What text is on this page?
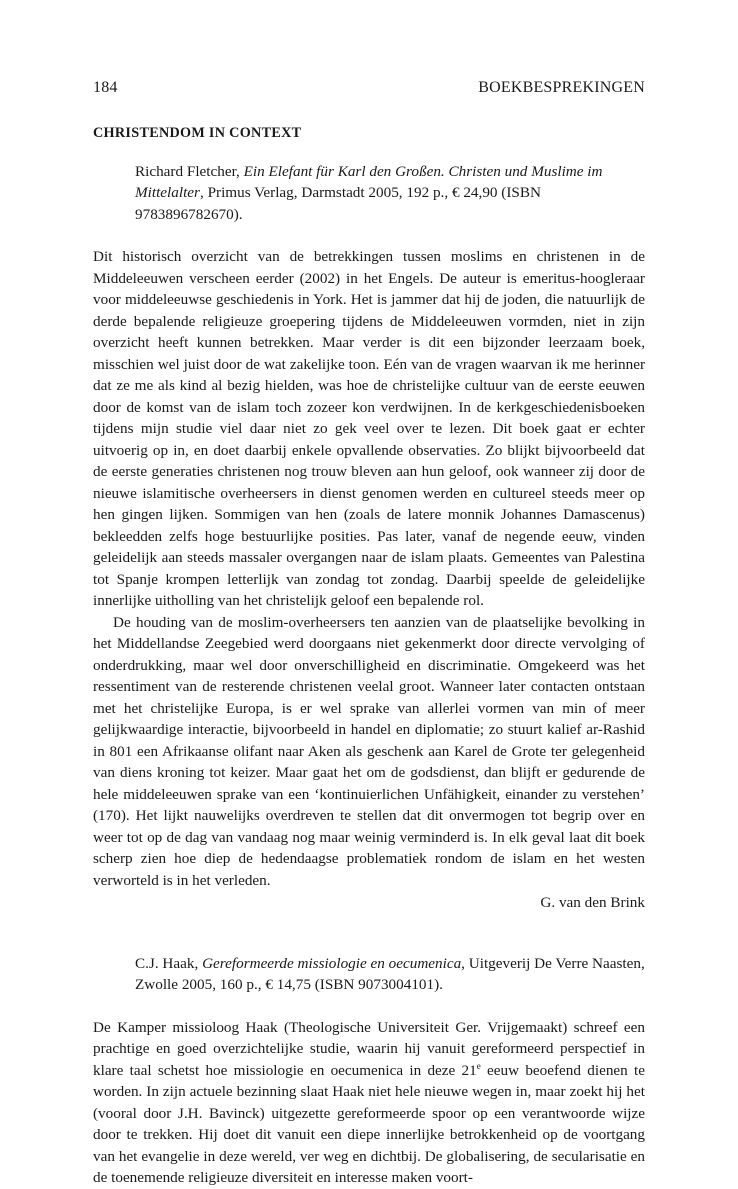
184	BOEKBESPREKINGEN
CHRISTENDOM IN CONTEXT
Richard Fletcher, Ein Elefant für Karl den Großen. Christen und Muslime im Mittelalter, Primus Verlag, Darmstadt 2005, 192 p., € 24,90 (ISBN 9783896782670).

Dit historisch overzicht van de betrekkingen tussen moslims en christenen in de Middeleeuwen verscheen eerder (2002) in het Engels. De auteur is emeritus-hoogleraar voor middeleeuwse geschiedenis in York. Het is jammer dat hij de joden, die natuurlijk de derde bepalende religieuze groepering tijdens de Middeleeuwen vormden, niet in zijn overzicht heeft kunnen betrekken. Maar verder is dit een bijzonder leerzaam boek, misschien wel juist door de wat zakelijke toon. Eén van de vragen waarvan ik me herinner dat ze me als kind al bezig hielden, was hoe de christelijke cultuur van de eerste eeuwen door de komst van de islam toch zozeer kon verdwijnen. In de kerkgeschiedenisboeken tijdens mijn studie viel daar niet zo gek veel over te lezen. Dit boek gaat er echter uitvoerig op in, en doet daarbij enkele opvallende observaties. Zo blijkt bijvoorbeeld dat de eerste generaties christenen nog trouw bleven aan hun geloof, ook wanneer zij door de nieuwe islamitische overheersers in dienst genomen werden en cultureel steeds meer op hen gingen lijken. Sommigen van hen (zoals de latere monnik Johannes Damascenus) bekleedden zelfs hoge bestuurlijke posities. Pas later, vanaf de negende eeuw, vinden geleidelijk aan steeds massaler overgangen naar de islam plaats. Gemeentes van Palestina tot Spanje krompen letterlijk van zondag tot zondag. Daarbij speelde de geleidelijke innerlijke uitholling van het christelijk geloof een bepalende rol.

De houding van de moslim-overheersers ten aanzien van de plaatselijke bevolking in het Middellandse Zeegebied werd doorgaans niet gekenmerkt door directe vervolging of onderdrukking, maar wel door onverschilligheid en discriminatie. Omgekeerd was het ressentiment van de resterende christenen veelal groot. Wanneer later contacten ontstaan met het christelijke Europa, is er wel sprake van allerlei vormen van min of meer gelijkwaardige interactie, bijvoorbeeld in handel en diplomatie; zo stuurt kalief ar-Rashid in 801 een Afrikaanse olifant naar Aken als geschenk aan Karel de Grote ter gelegenheid van diens kroning tot keizer. Maar gaat het om de godsdienst, dan blijft er gedurende de hele middeleeuwen sprake van een ‘kontinuierlichen Unfähigkeit, einander zu verstehen’ (170). Het lijkt nauwelijks overdreven te stellen dat dit onvermogen tot begrip over en weer tot op de dag van vandaag nog maar weinig verminderd is. In elk geval laat dit boek scherp zien hoe diep de hedendaagse problematiek rondom de islam en het westen verworteld is in het verleden.

G. van den Brink
C.J. Haak, Gereformeerde missiologie en oecumenica, Uitgeverij De Verre Naasten, Zwolle 2005, 160 p., € 14,75 (ISBN 9073004101).

De Kamper missioloog Haak (Theologische Universiteit Ger. Vrijgemaakt) schreef een prachtige en goed overzichtelijke studie, waarin hij vanuit gereformeerd perspectief in klare taal schetst hoe missiologie en oecumenica in deze 21e eeuw beoefend dienen te worden. In zijn actuele bezinning slaat Haak niet hele nieuwe wegen in, maar zoekt hij het (vooral door J.H. Bavinck) uitgezette gereformeerde spoor op een verantwoorde wijze door te trekken. Hij doet dit vanuit een diepe innerlijke betrokkenheid op de voortgang van het evangelie in deze wereld, ver weg en dichtbij. De globalisering, de secularisatie en de toenemende religieuze diversiteit en interesse maken voort-
